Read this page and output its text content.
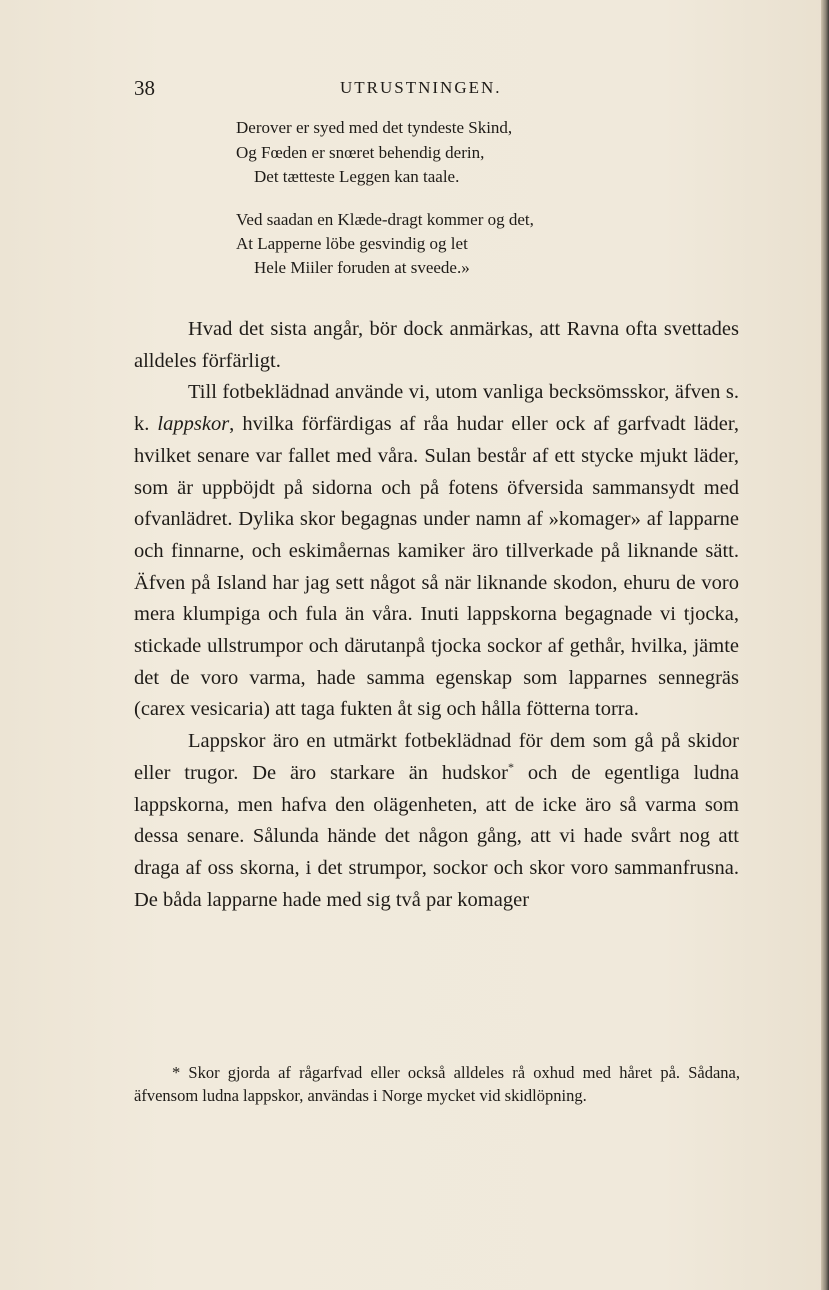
38	UTRUSTNINGEN.
Derover er syed med det tyndeste Skind,
Og Fœden er snœret behendig derin,
Det tætteste Leggen kan taale.
Ved saadan en Klæde-dragt kommer og det,
At Lapperne löbe gesvindig og let
Hele Miiler foruden at sveede.»

Hvad det sista angår, bör dock anmärkas, att Ravna ofta svettades alldeles förfärligt.

Till fotbeklädnad använde vi, utom vanliga becksömsskor, äfven s. k. lappskor, hvilka förfärdigas af råa hudar eller ock af garfvadt läder, hvilket senare var fallet med våra. Sulan består af ett stycke mjukt läder, som är uppböjdt på sidorna och på fotens öfversida sammansydt med ofvanlädret. Dylika skor begagnas under namn af »komager» af lapparne och finnarne, och eskimåernas kamiker äro tillverkade på liknande sätt. Äfven på Island har jag sett något så när liknande skodon, ehuru de voro mera klumpiga och fula än våra. Inuti lappskorna begagnade vi tjocka, stickade ullstrumpor och därutanpå tjocka sockor af gethår, hvilka, jämte det de voro varma, hade samma egenskap som lapparnes sennegräs (carex vesicaria) att taga fukten åt sig och hålla fötterna torra.

Lappskor äro en utmärkt fotbeklädnad för dem som gå på skidor eller trugor. De äro starkare än hudskor* och de egentliga ludna lappskorna, men hafva den olägenheten, att de icke äro så varma som dessa senare. Sålunda hände det någon gång, att vi hade svårt nog att draga af oss skorna, i det strumpor, sockor och skor voro sammanfrusna. De båda lapparne hade med sig två par komager

* Skor gjorda af rågarfvad eller också alldeles rå oxhud med håret på. Sådana, äfvensom ludna lappskor, användas i Norge mycket vid skidlöpning.
